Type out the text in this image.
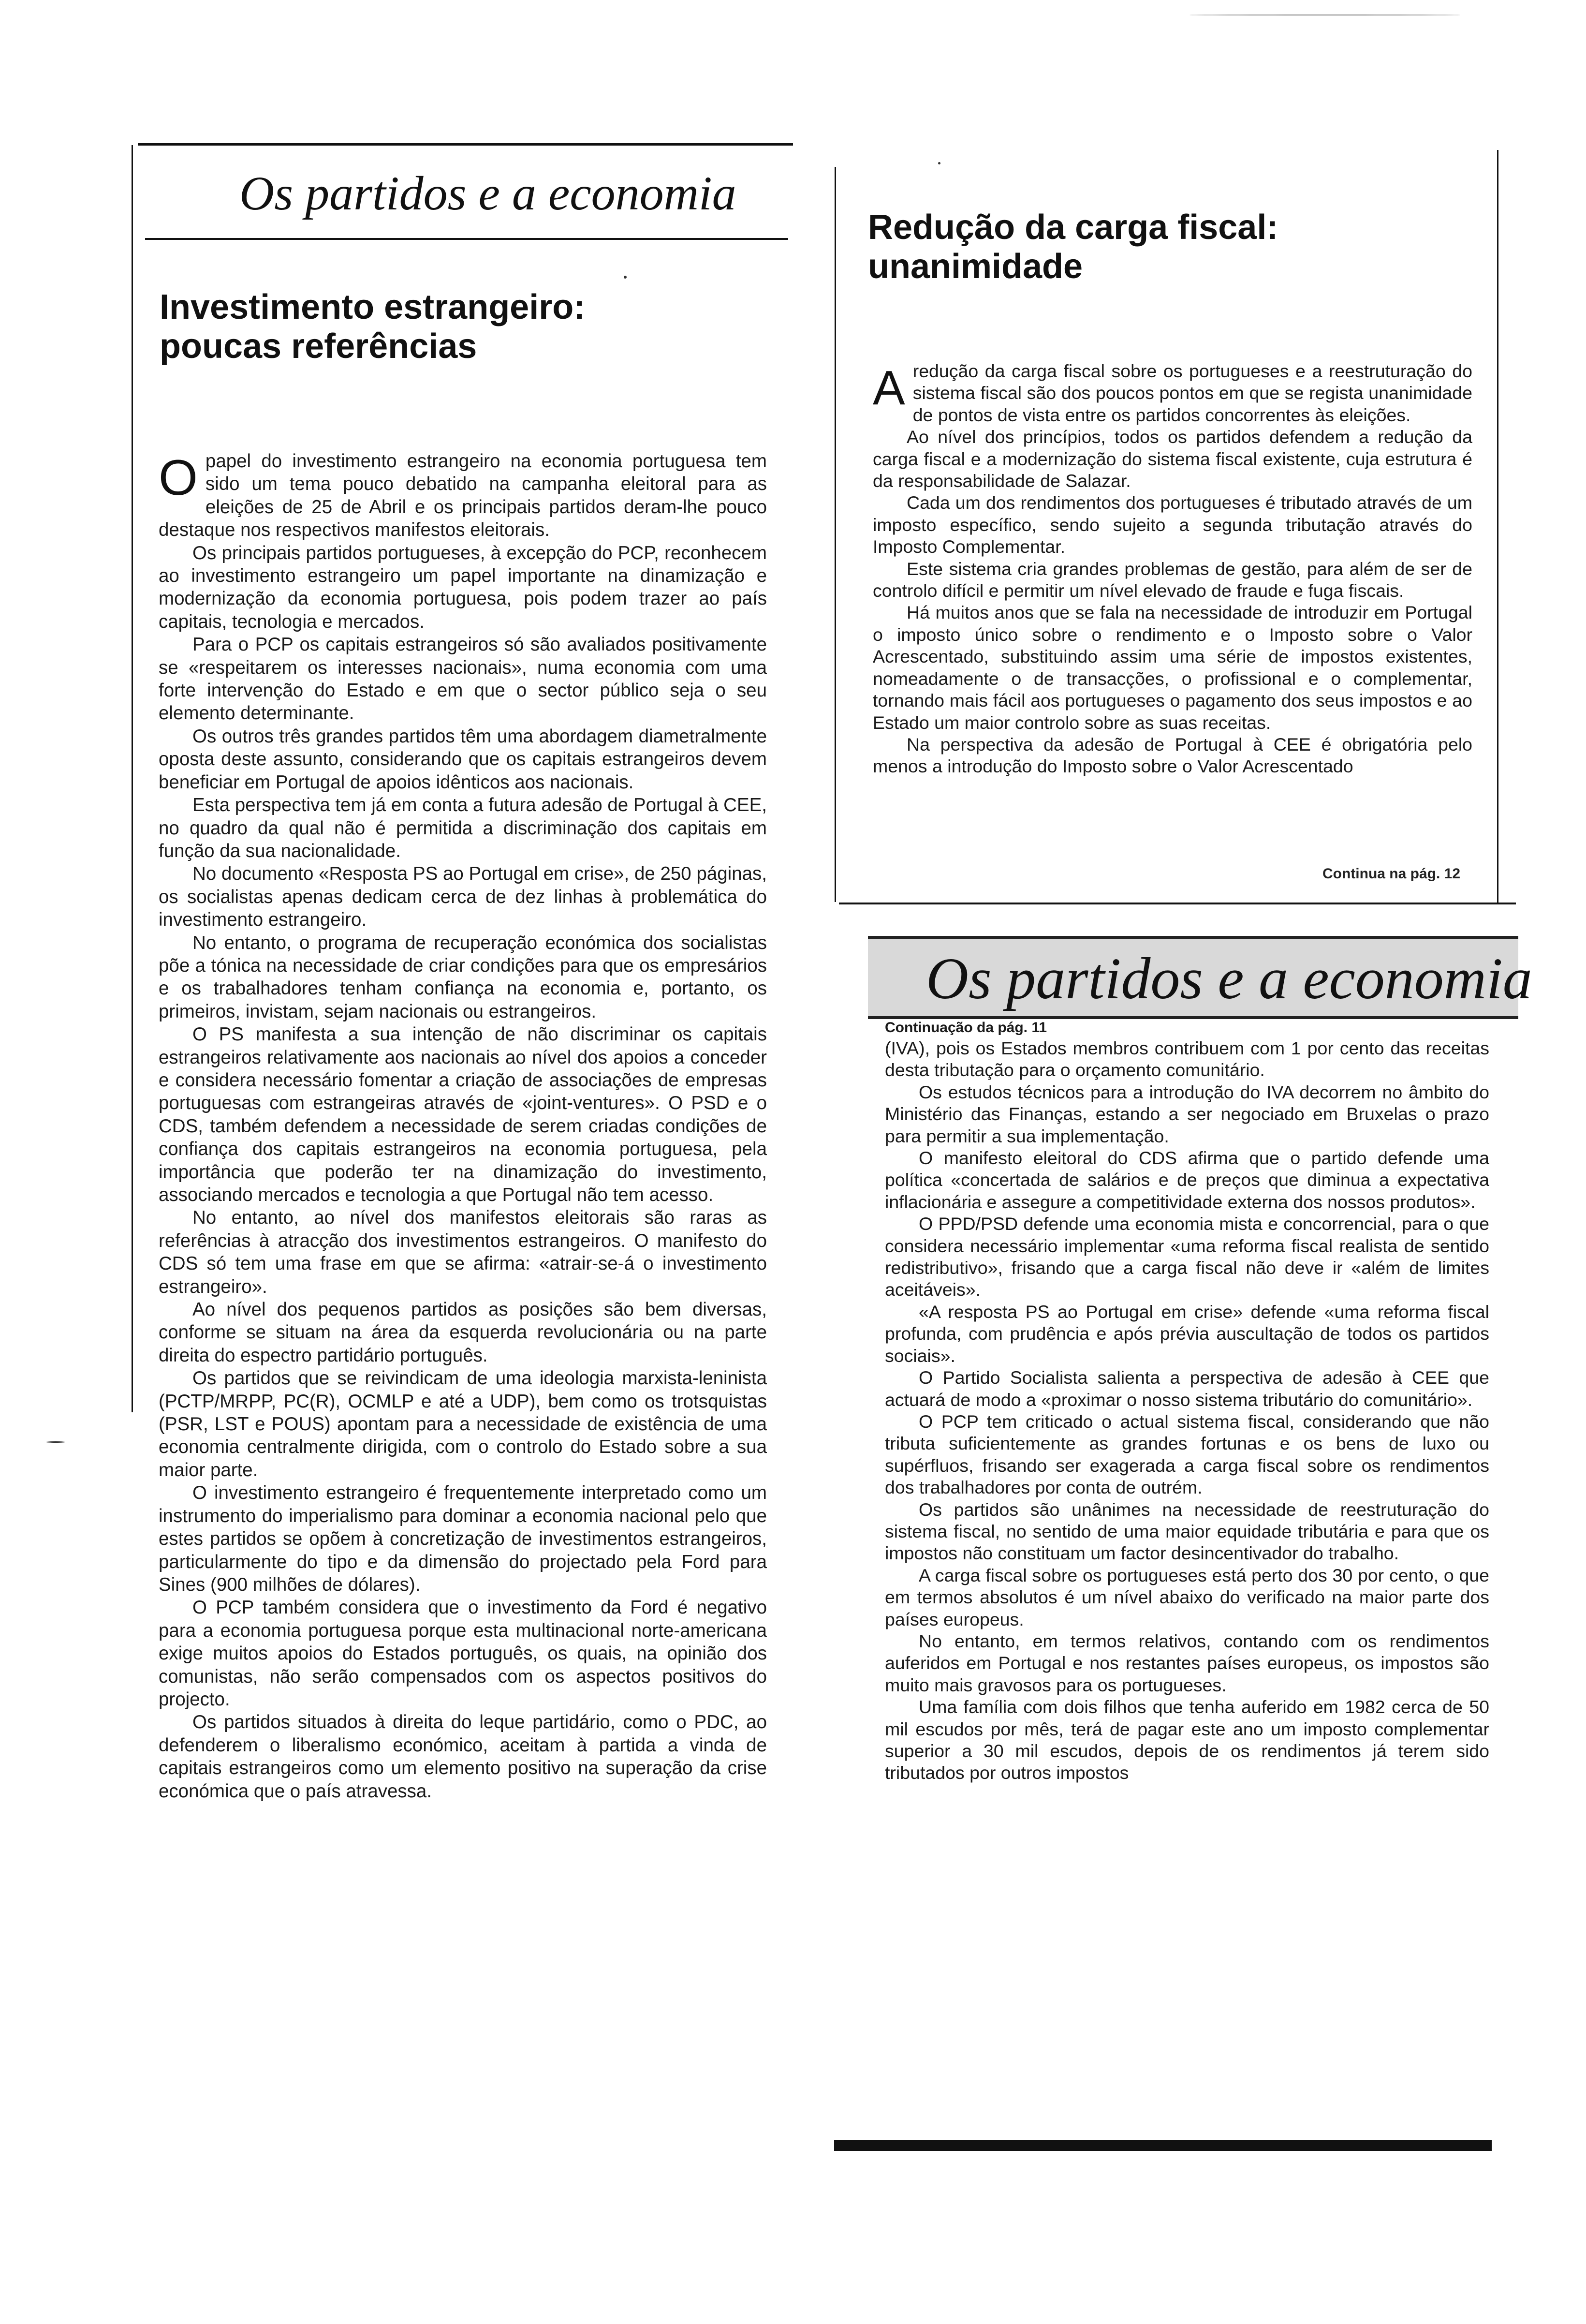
Os partidos e a economia
Investimento estrangeiro:
poucas referências
O papel do investimento estrangeiro na economia portuguesa tem sido um tema pouco debatido na campanha eleitoral para as eleições de 25 de Abril e os principais partidos deram-lhe pouco destaque nos respectivos manifestos eleitorais.

Os principais partidos portugueses, à excepção do PCP, reconhecem ao investimento estrangeiro um papel importante na dinamização e modernização da economia portuguesa, pois podem trazer ao país capitais, tecnologia e mercados.

Para o PCP os capitais estrangeiros só são avaliados positivamente se «respeitarem os interesses nacionais», numa economia com uma forte intervenção do Estado e em que o sector público seja o seu elemento determinante.

Os outros três grandes partidos têm uma abordagem diametralmente oposta deste assunto, considerando que os capitais estrangeiros devem beneficiar em Portugal de apoios idênticos aos nacionais.

Esta perspectiva tem já em conta a futura adesão de Portugal à CEE, no quadro da qual não é permitida a discriminação dos capitais em função da sua nacionalidade.

No documento «Resposta PS ao Portugal em crise», de 250 páginas, os socialistas apenas dedicam cerca de dez linhas à problemática do investimento estrangeiro.

No entanto, o programa de recuperação económica dos socialistas põe a tónica na necessidade de criar condições para que os empresários e os trabalhadores tenham confiança na economia e, portanto, os primeiros, invistam, sejam nacionais ou estrangeiros.

O PS manifesta a sua intenção de não discriminar os capitais estrangeiros relativamente aos nacionais ao nível dos apoios a conceder e considera necessário fomentar a criação de associações de empresas portuguesas com estrangeiras através de «joint-ventures». O PSD e o CDS, também defendem a necessidade de serem criadas condições de confiança dos capitais estrangeiros na economia portuguesa, pela importância que poderão ter na dinamização do investimento, associando mercados e tecnologia a que Portugal não tem acesso.

No entanto, ao nível dos manifestos eleitorais são raras as referências à atracção dos investimentos estrangeiros. O manifesto do CDS só tem uma frase em que se afirma: «atrair-se-á o investimento estrangeiro».

Ao nível dos pequenos partidos as posições são bem diversas, conforme se situam na área da esquerda revolucionária ou na parte direita do espectro partidário português.

Os partidos que se reivindicam de uma ideologia marxista-leninista (PCTP/MRPP, PC(R), OCMLP e até a UDP), bem como os trotsquistas (PSR, LST e POUS) apontam para a necessidade de existência de uma economia centralmente dirigida, com o controlo do Estado sobre a sua maior parte.

O investimento estrangeiro é frequentemente interpretado como um instrumento do imperialismo para dominar a economia nacional pelo que estes partidos se opõem à concretização de investimentos estrangeiros, particularmente do tipo e da dimensão do projectado pela Ford para Sines (900 milhões de dólares).

O PCP também considera que o investimento da Ford é negativo para a economia portuguesa porque esta multinacional norte-americana exige muitos apoios do Estados português, os quais, na opinião dos comunistas, não serão compensados com os aspectos positivos do projecto.

Os partidos situados à direita do leque partidário, como o PDC, ao defenderem o liberalismo económico, aceitam à partida a vinda de capitais estrangeiros como um elemento positivo na superação da crise económica que o país atravessa.

Redução da carga fiscal:
unanimidade
A redução da carga fiscal sobre os portugueses e a reestruturação do sistema fiscal são dos poucos pontos em que se regista unanimidade de pontos de vista entre os partidos concorrentes às eleições.

Ao nível dos princípios, todos os partidos defendem a redução da carga fiscal e a modernização do sistema fiscal existente, cuja estrutura é da responsabilidade de Salazar.

Cada um dos rendimentos dos portugueses é tributado através de um imposto específico, sendo sujeito a segunda tributação através do Imposto Complementar.

Este sistema cria grandes problemas de gestão, para além de ser de controlo difícil e permitir um nível elevado de fraude e fuga fiscais.

Há muitos anos que se fala na necessidade de introduzir em Portugal o imposto único sobre o rendimento e o Imposto sobre o Valor Acrescentado, substituindo assim uma série de impostos existentes, nomeadamente o de transacções, o profissional e o complementar, tornando mais fácil aos portugueses o pagamento dos seus impostos e ao Estado um maior controlo sobre as suas receitas.

Na perspectiva da adesão de Portugal à CEE é obrigatória pelo menos a introdução do Imposto sobre o Valor Acrescentado

Continua na pág. 12
Os partidos e a economia
Continuação da pág. 11

(IVA), pois os Estados membros contribuem com 1 por cento das receitas desta tributação para o orçamento comunitário.

Os estudos técnicos para a introdução do IVA decorrem no âmbito do Ministério das Finanças, estando a ser negociado em Bruxelas o prazo para permitir a sua implementação.

O manifesto eleitoral do CDS afirma que o partido defende uma política «concertada de salários e de preços que diminua a expectativa inflacionária e assegure a competitividade externa dos nossos produtos».

O PPD/PSD defende uma economia mista e concorrencial, para o que considera necessário implementar «uma reforma fiscal realista de sentido redistributivo», frisando que a carga fiscal não deve ir «além de limites aceitáveis».

«A resposta PS ao Portugal em crise» defende «uma reforma fiscal profunda, com prudência e após prévia auscultação de todos os partidos sociais».

O Partido Socialista salienta a perspectiva de adesão à CEE que actuará de modo a «proximar o nosso sistema tributário do comunitário».

O PCP tem criticado o actual sistema fiscal, considerando que não tributa suficientemente as grandes fortunas e os bens de luxo ou supérfluos, frisando ser exagerada a carga fiscal sobre os rendimentos dos trabalhadores por conta de outrém.

Os partidos são unânimes na necessidade de reestruturação do sistema fiscal, no sentido de uma maior equidade tributária e para que os impostos não constituam um factor desincentivador do trabalho.

A carga fiscal sobre os portugueses está perto dos 30 por cento, o que em termos absolutos é um nível abaixo do verificado na maior parte dos países europeus.

No entanto, em termos relativos, contando com os rendimentos auferidos em Portugal e nos restantes países europeus, os impostos são muito mais gravosos para os portugueses.

Uma família com dois filhos que tenha auferido em 1982 cerca de 50 mil escudos por mês, terá de pagar este ano um imposto complementar superior a 30 mil escudos, depois de os rendimentos já terem sido tributados por outros impostos
